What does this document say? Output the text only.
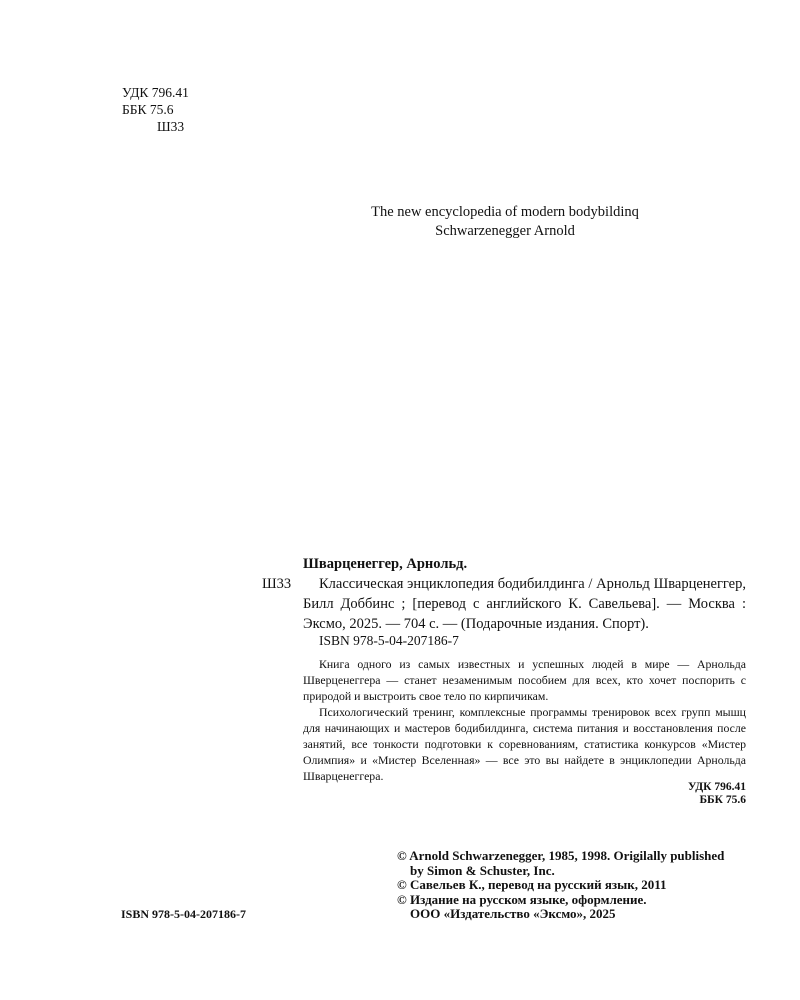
УДК 796.41
ББК 75.6
Ш33
The new encyclopedia of modern bodybildinq
Schwarzenegger Arnold
Шварценеггер, Арнольд.
Ш33	Классическая энциклопедия бодибилдинга / Арнольд Шварценеггер, Билл Доббинс ; [перевод с английского К. Савельева]. — Москва : Эксмо, 2025. — 704 с. — (Подарочные издания. Спорт).
ISBN 978-5-04-207186-7

Книга одного из самых известных и успешных людей в мире — Арнольда Шверценеггера — станет незаменимым пособием для всех, кто хочет поспорить с природой и выстроить свое тело по кирпичикам.

Психологический тренинг, комплексные программы тренировок всех групп мышц для начинающих и мастеров бодибилдинга, система питания и восстановления после занятий, все тонкости подготовки к соревнованиям, статистика конкурсов «Мистер Олимпия» и «Мистер Вселенная» — все это вы найдете в энциклопедии Арнольда Шварценеггера.

УДК 796.41
ББК 75.6
© Arnold Schwarzenegger, 1985, 1998. Origilally published
by Simon & Schuster, Inc.
© Савельев К., перевод на русский язык, 2011
© Издание на русском языке, оформление.
ООО «Издательство «Эксмо», 2025
ISBN 978-5-04-207186-7
